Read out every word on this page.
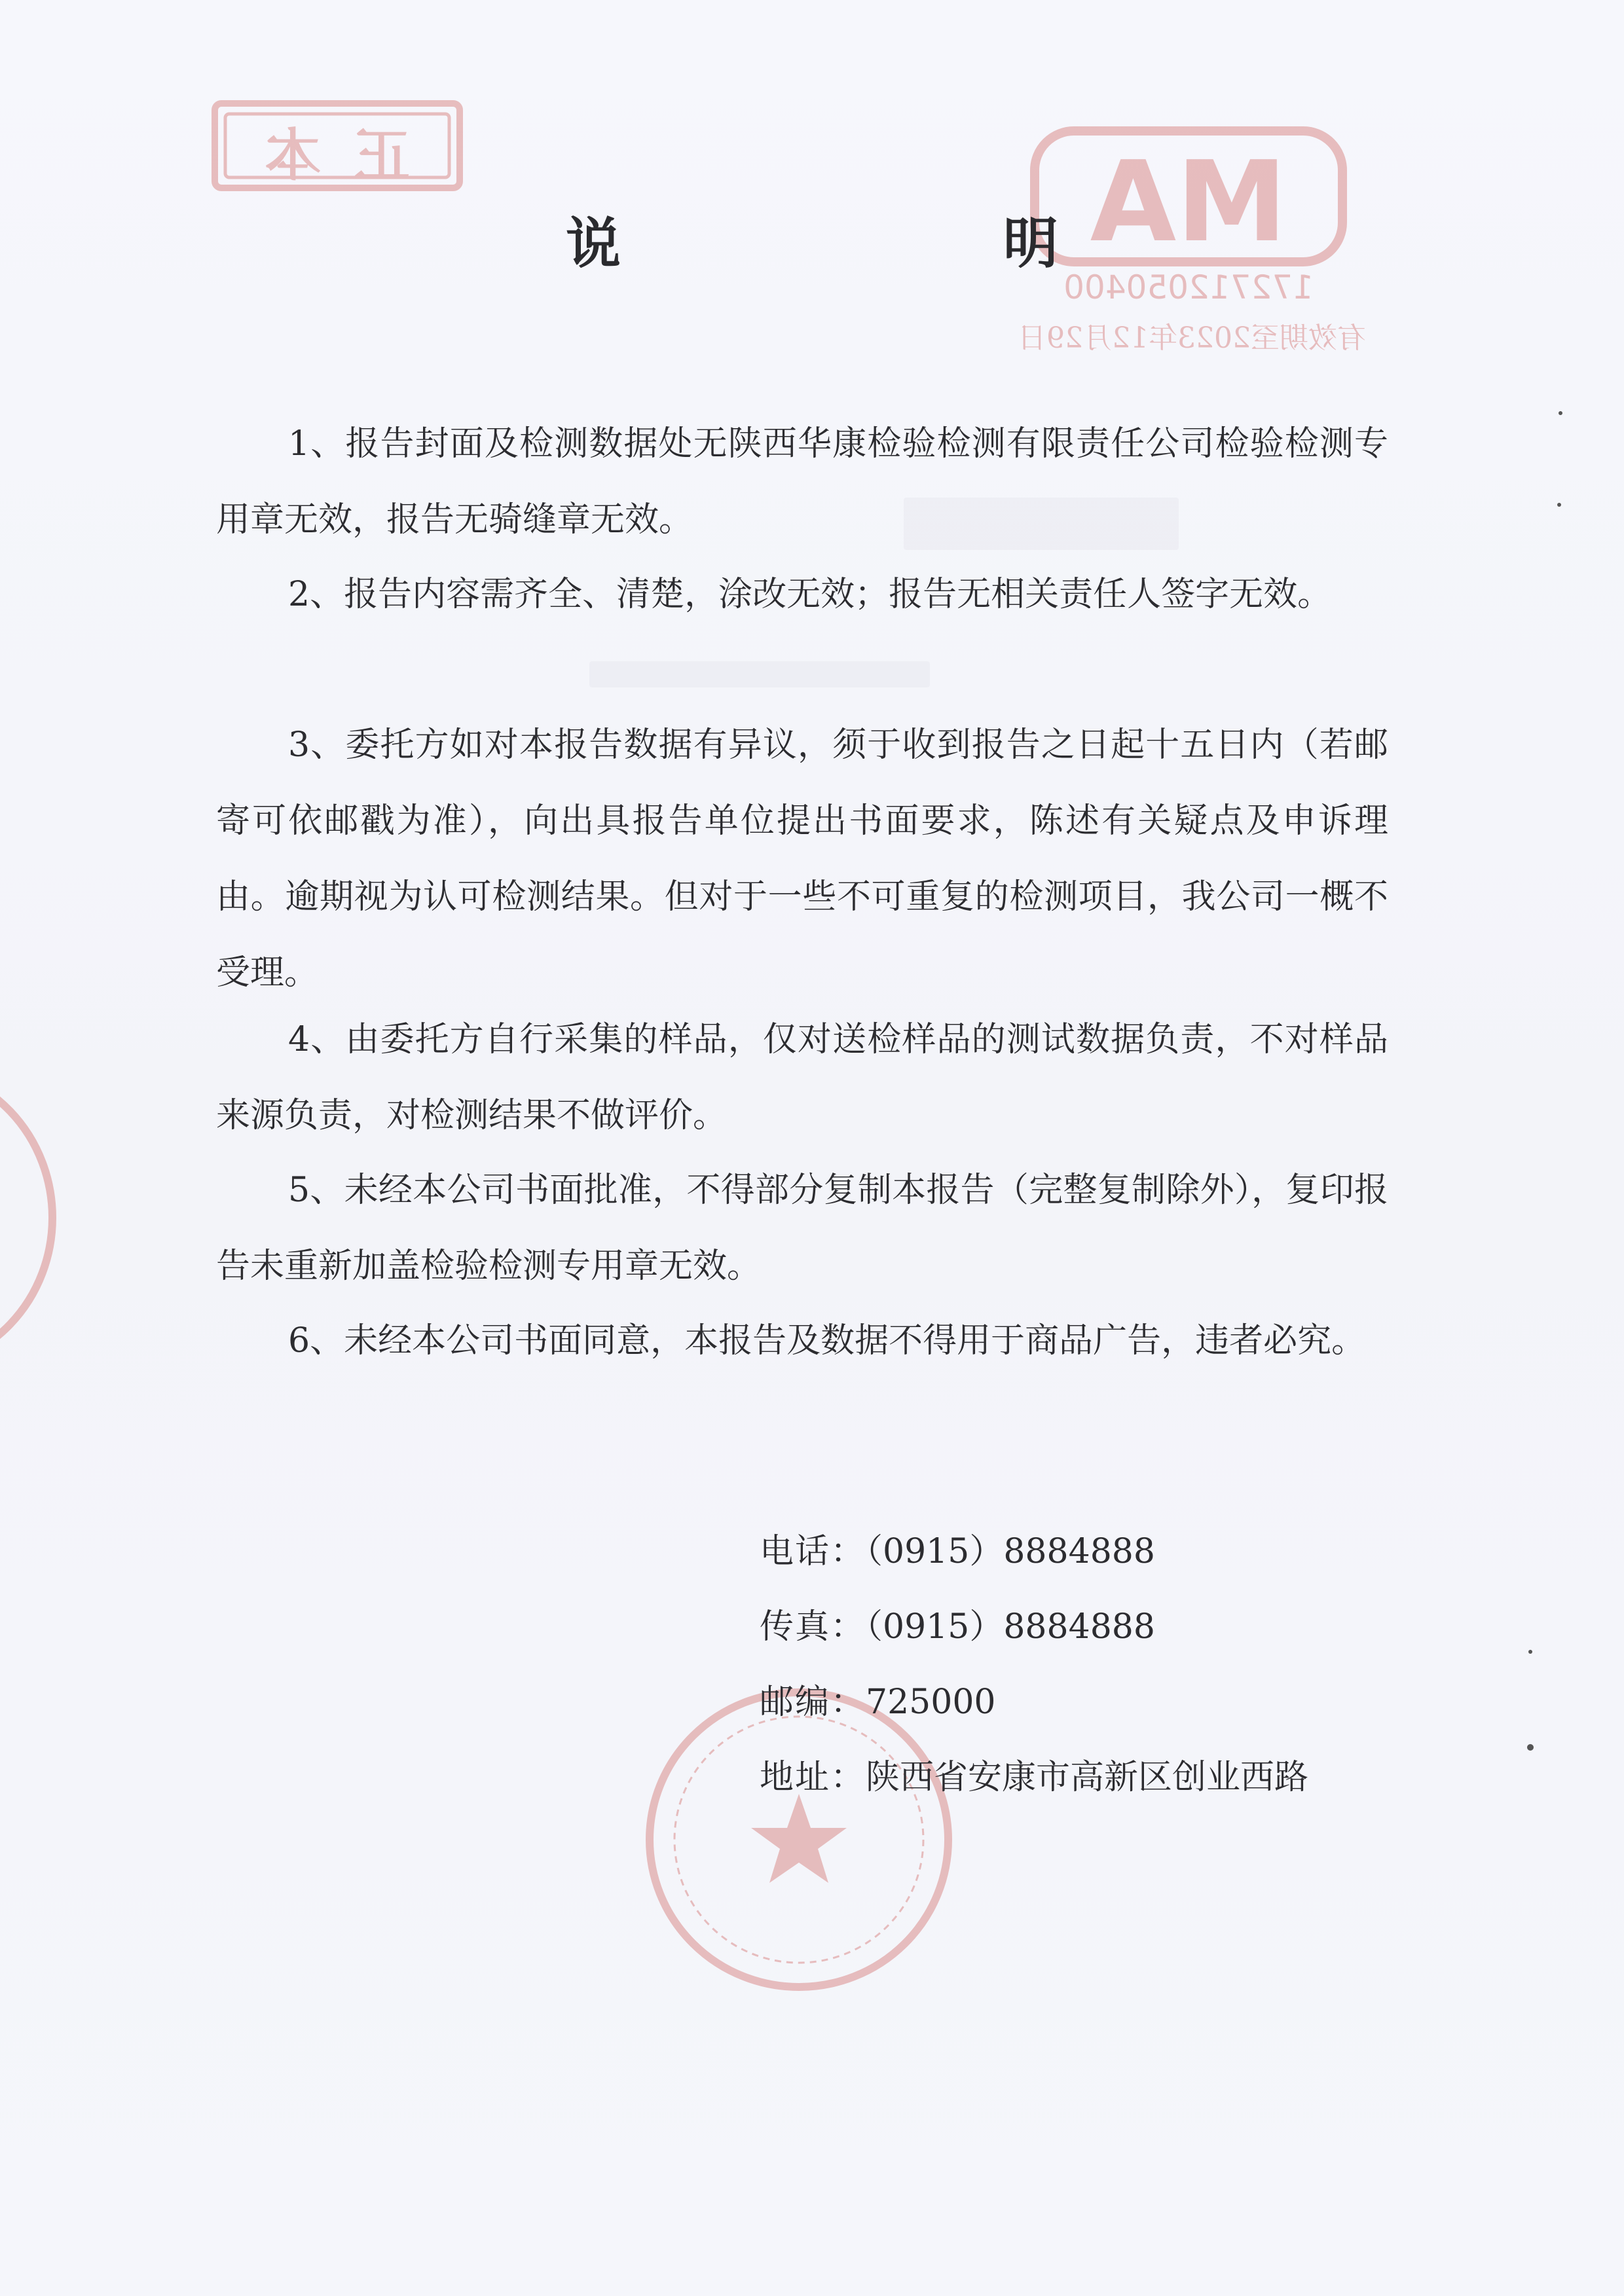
正本	MA
172712050400
有效期至2023年12月29日
说　明

1、报告封面及检测数据处无陕西华康检验检测有限责任公司检验检测专用章无效，报告无骑缝章无效。

2、报告内容需齐全、清楚，涂改无效；报告无相关责任人签字无效。

3、委托方如对本报告数据有异议，须于收到报告之日起十五日内（若邮寄可依邮戳为准），向出具报告单位提出书面要求，陈述有关疑点及申诉理由。逾期视为认可检测结果。但对于一些不可重复的检测项目，我公司一概不受理。

4、由委托方自行采集的样品，仅对送检样品的测试数据负责，不对样品来源负责，对检测结果不做评价。

5、未经本公司书面批准，不得部分复制本报告（完整复制除外），复印报告未重新加盖检验检测专用章无效。

6、未经本公司书面同意，本报告及数据不得用于商品广告，违者必究。

电话：（0915）8884888
传真：（0915）8884888
邮编：725000
地址：陕西省安康市高新区创业西路
